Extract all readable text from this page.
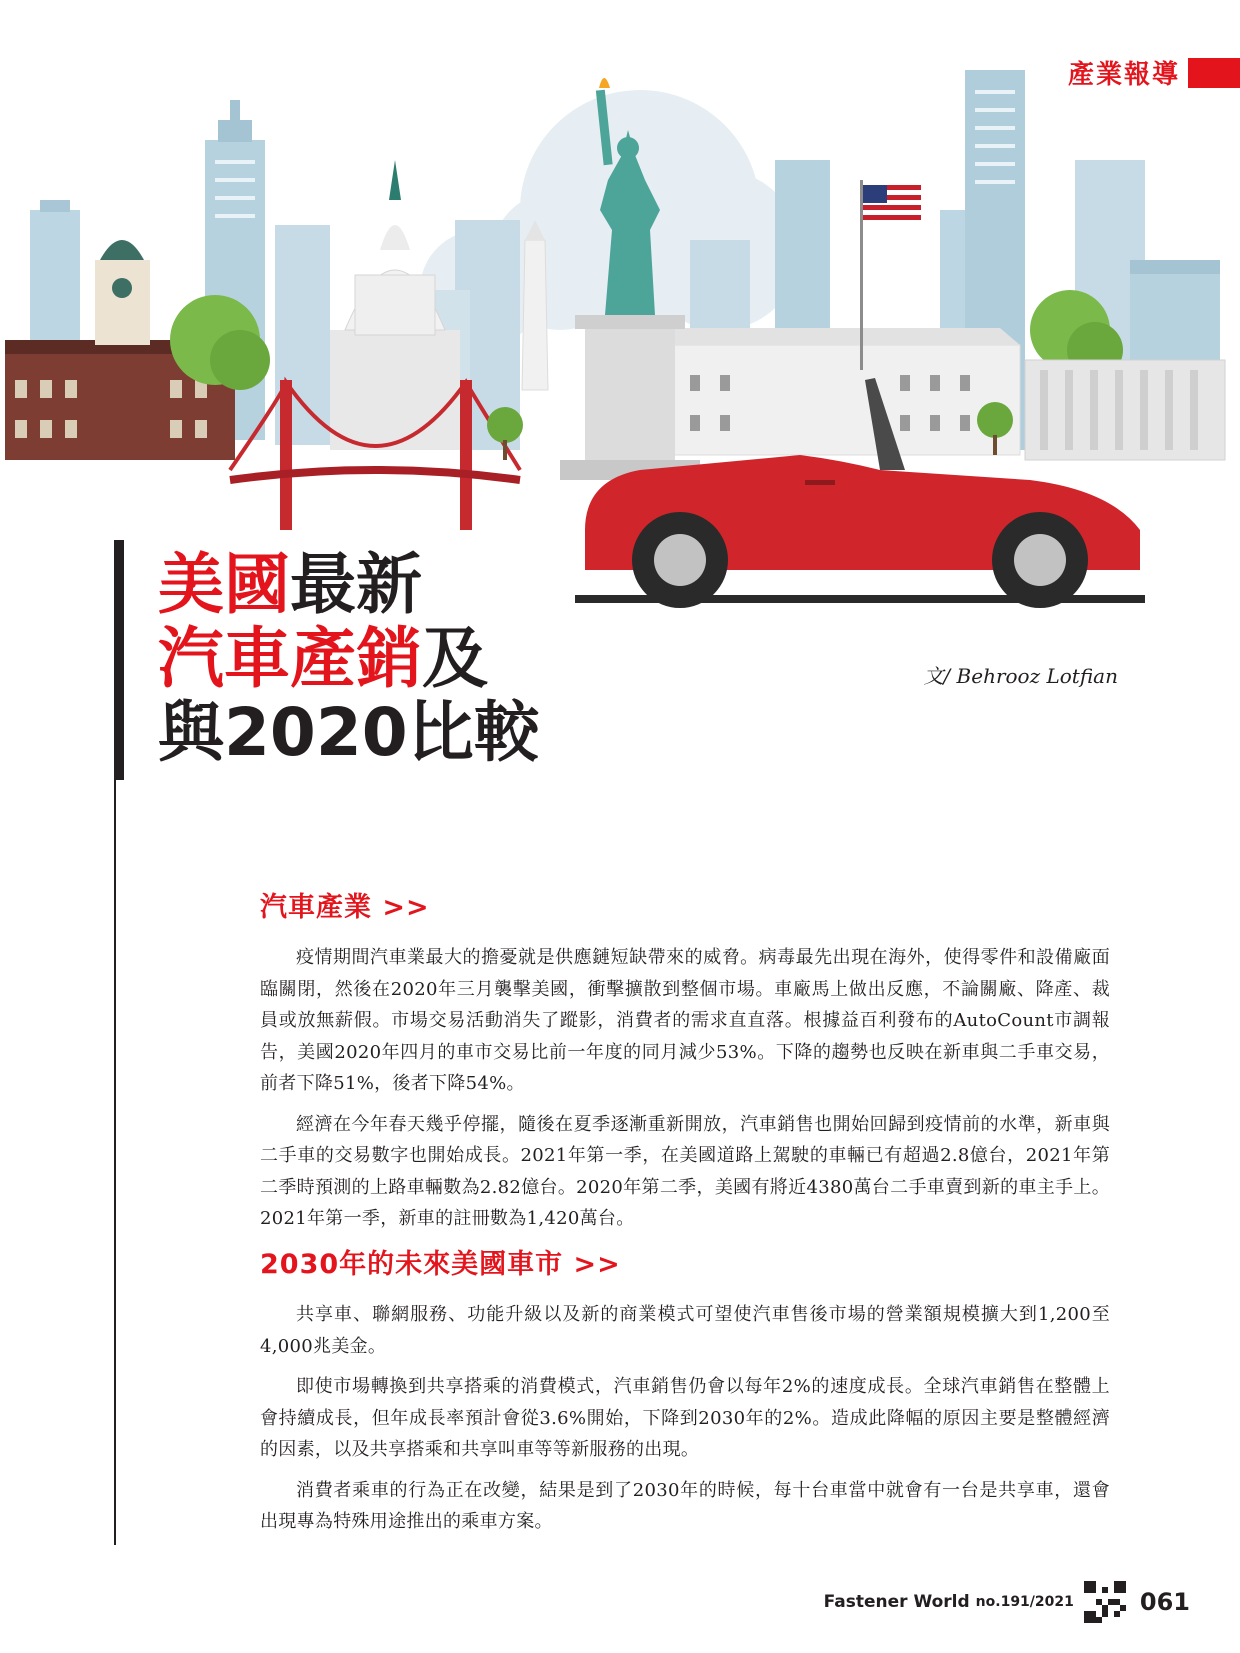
產業報導
美國最新
汽車產銷及
與2020比較
文/ Behrooz Lotfian
汽車產業 >>

疫情期間汽車業最大的擔憂就是供應鏈短缺帶來的威脅。病毒最先出現在海外，使得零件和設備廠面臨關閉，然後在2020年三月襲擊美國，衝擊擴散到整個市場。車廠馬上做出反應，不論關廠、降產、裁員或放無薪假。市場交易活動消失了蹤影，消費者的需求直直落。根據益百利發布的AutoCount市調報告，美國2020年四月的車市交易比前一年度的同月減少53%。下降的趨勢也反映在新車與二手車交易，前者下降51%，後者下降54%。

經濟在今年春天幾乎停擺，隨後在夏季逐漸重新開放，汽車銷售也開始回歸到疫情前的水準，新車與二手車的交易數字也開始成長。2021年第一季，在美國道路上駕駛的車輛已有超過2.8億台，2021年第二季時預測的上路車輛數為2.82億台。2020年第二季，美國有將近4380萬台二手車賣到新的車主手上。2021年第一季，新車的註冊數為1,420萬台。

2030年的未來美國車市 >>

共享車、聯網服務、功能升級以及新的商業模式可望使汽車售後市場的營業額規模擴大到1,200至4,000兆美金。

即使市場轉換到共享搭乘的消費模式，汽車銷售仍會以每年2%的速度成長。全球汽車銷售在整體上會持續成長，但年成長率預計會從3.6%開始，下降到2030年的2%。造成此降幅的原因主要是整體經濟的因素，以及共享搭乘和共享叫車等等新服務的出現。

消費者乘車的行為正在改變，結果是到了2030年的時候，每十台車當中就會有一台是共享車，還會出現專為特殊用途推出的乘車方案。

Fastener World no.191/2021	061
